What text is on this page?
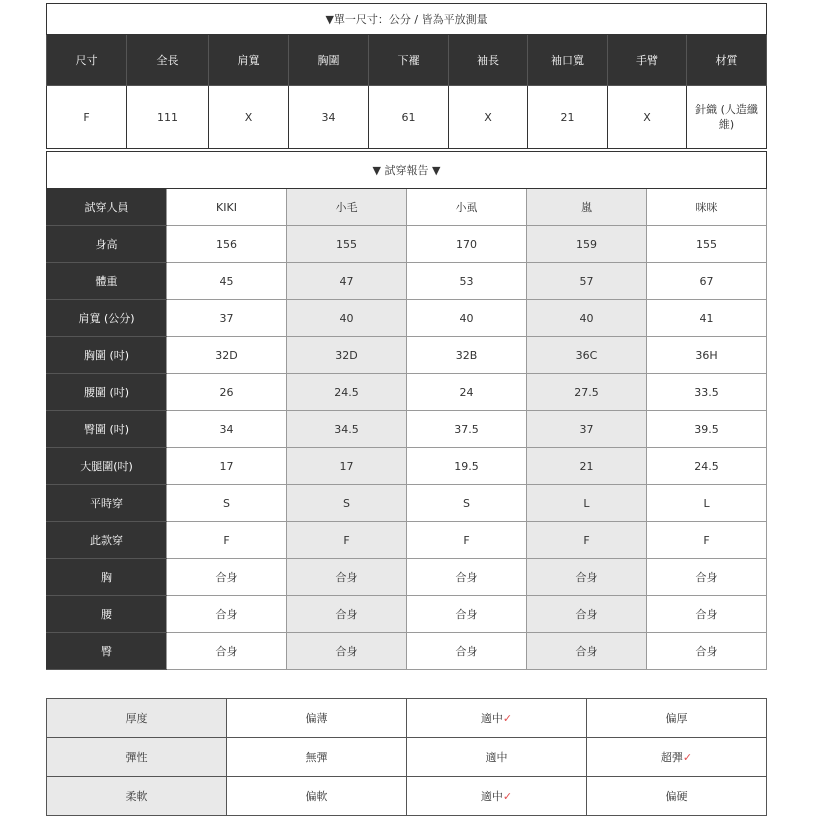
▼單一尺寸：公分 / 皆為平放測量								
尺寸	全長	肩寬	胸圍	下襬	袖長	袖口寬	手臂	材質
F	111	X	34	61	X	21	X	針織 (人造纖維)
▼ 試穿報告 ▼					
試穿人員	KIKI	小毛	小虱	嵐	咪咪
身高	156	155	170	159	155
體重	45	47	53	57	67
肩寬 (公分)	37	40	40	40	41
胸圍 (吋)	32D	32D	32B	36C	36H
腰圍 (吋)	26	24.5	24	27.5	33.5
臀圍 (吋)	34	34.5	37.5	37	39.5
大腿圍(吋)	17	17	19.5	21	24.5
平時穿	S	S	S	L	L
此款穿	F	F	F	F	F
胸	合身	合身	合身	合身	合身
腰	合身	合身	合身	合身	合身
臀	合身	合身	合身	合身	合身
厚度	偏薄	適中✓	偏厚
彈性	無彈	適中	超彈✓
柔軟	偏軟	適中✓	偏硬
